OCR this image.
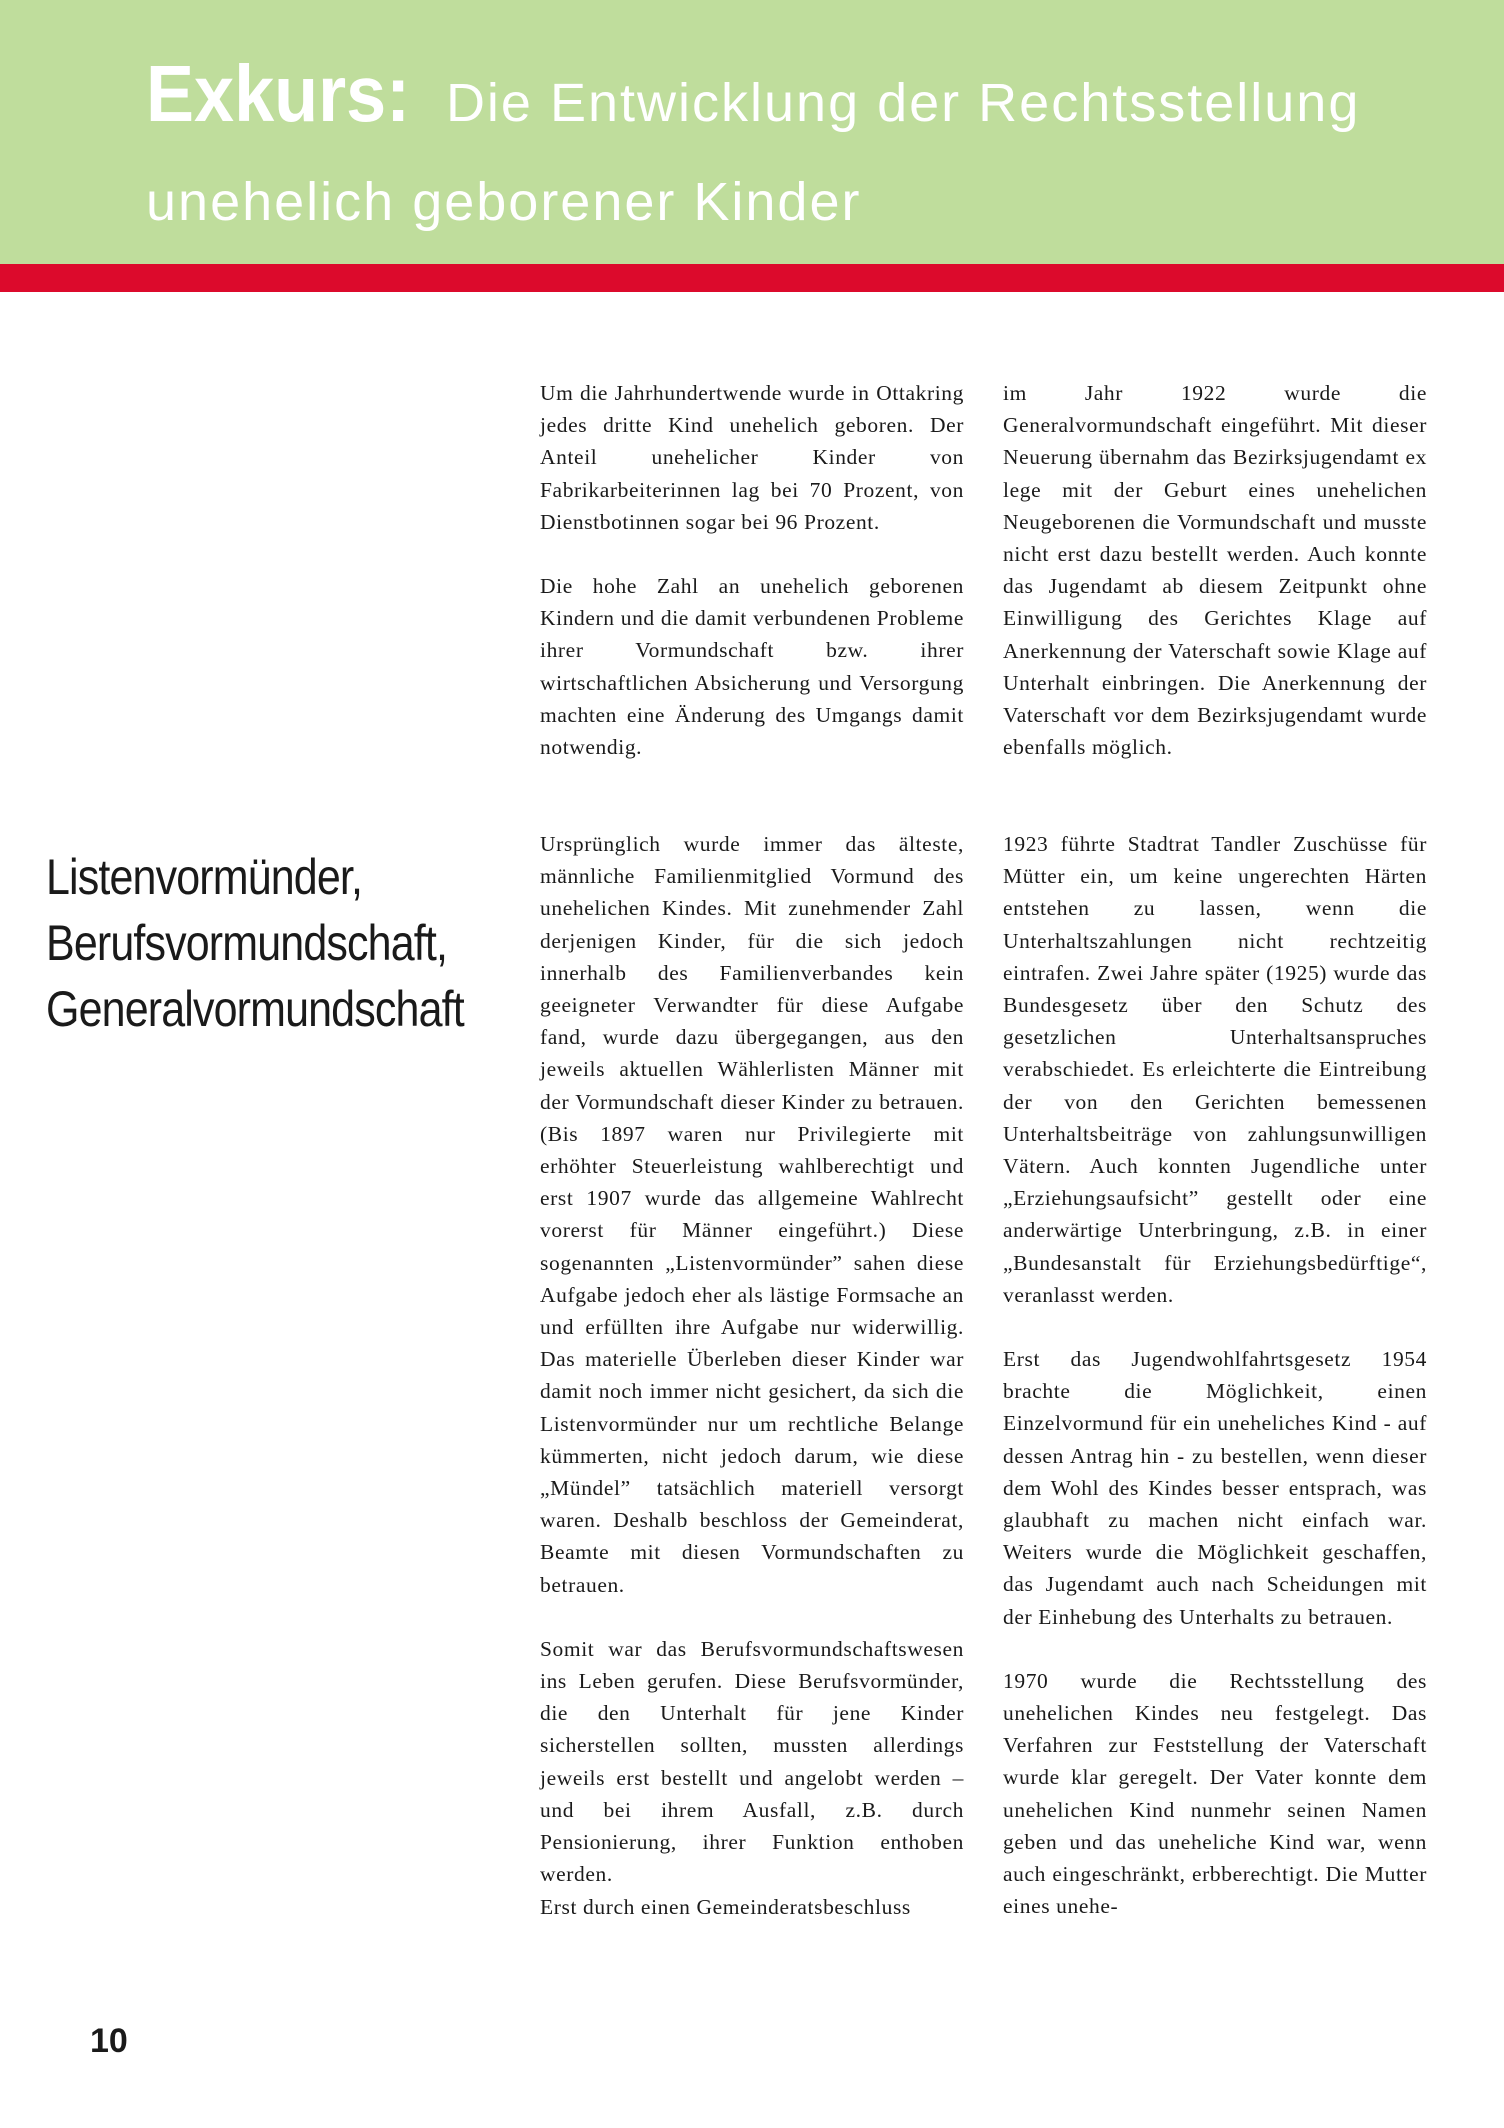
Exkurs: Die Entwicklung der Rechtsstellung
unehelich geborener Kinder
Listenvormünder,
Berufsvormundschaft,
Generalvormundschaft

Um die Jahrhundertwende wurde in Ottakring jedes dritte Kind unehelich geboren. Der Anteil unehelicher Kinder von Fabrikarbeiterinnen lag bei 70 Prozent, von Dienstbotinnen sogar bei 96 Prozent.

Die hohe Zahl an unehelich geborenen Kindern und die damit verbundenen Probleme ihrer Vormundschaft bzw. ihrer wirtschaftlichen Absicherung und Versorgung machten eine Änderung des Umgangs damit notwendig.

Ursprünglich wurde immer das älteste, männliche Familienmitglied Vormund des unehelichen Kindes. Mit zunehmender Zahl derjenigen Kinder, für die sich jedoch innerhalb des Familienverbandes kein geeigneter Verwandter für diese Aufgabe fand, wurde dazu übergegangen, aus den jeweils aktuellen Wählerlisten Männer mit der Vormundschaft dieser Kinder zu betrauen. (Bis 1897 waren nur Privilegierte mit erhöhter Steuerleistung wahlberechtigt und erst 1907 wurde das allgemeine Wahlrecht vorerst für Männer eingeführt.) Diese sogenannten „Listenvormünder” sahen diese Aufgabe jedoch eher als lästige Formsache an und erfüllten ihre Aufgabe nur widerwillig. Das materielle Überleben dieser Kinder war damit noch immer nicht gesichert, da sich die Listenvormünder nur um rechtliche Belange kümmerten, nicht jedoch darum, wie diese „Mündel” tatsächlich materiell versorgt waren. Deshalb beschloss der Gemeinderat, Beamte mit diesen Vormundschaften zu betrauen.

Somit war das Berufsvormundschaftswesen ins Leben gerufen. Diese Berufsvormünder, die den Unterhalt für jene Kinder sicherstellen sollten, mussten allerdings jeweils erst bestellt und angelobt werden – und bei ihrem Ausfall, z.B. durch Pensionierung, ihrer Funktion enthoben werden.

Erst durch einen Gemeinderatsbeschluss

im Jahr 1922 wurde die Generalvormundschaft eingeführt. Mit dieser Neuerung übernahm das Bezirksjugendamt ex lege mit der Geburt eines unehelichen Neugeborenen die Vormundschaft und musste nicht erst dazu bestellt werden. Auch konnte das Jugendamt ab diesem Zeitpunkt ohne Einwilligung des Gerichtes Klage auf Anerkennung der Vaterschaft sowie Klage auf Unterhalt einbringen. Die Anerkennung der Vaterschaft vor dem Bezirksjugendamt wurde ebenfalls möglich.

1923 führte Stadtrat Tandler Zuschüsse für Mütter ein, um keine ungerechten Härten entstehen zu lassen, wenn die Unterhaltszahlungen nicht rechtzeitig eintrafen. Zwei Jahre später (1925) wurde das Bundesgesetz über den Schutz des gesetzlichen Unterhaltsanspruches verabschiedet. Es erleichterte die Eintreibung der von den Gerichten bemessenen Unterhaltsbeiträge von zahlungsunwilligen Vätern. Auch konnten Jugendliche unter „Erziehungsaufsicht” gestellt oder eine anderwärtige Unterbringung, z.B. in einer „Bundesanstalt für Erziehungsbedürftige“, veranlasst werden.

Erst das Jugendwohlfahrtsgesetz 1954 brachte die Möglichkeit, einen Einzelvormund für ein uneheliches Kind - auf dessen Antrag hin - zu bestellen, wenn dieser dem Wohl des Kindes besser entsprach, was glaubhaft zu machen nicht einfach war. Weiters wurde die Möglichkeit geschaffen, das Jugendamt auch nach Scheidungen mit der Einhebung des Unterhalts zu betrauen.

1970 wurde die Rechtsstellung des unehelichen Kindes neu festgelegt. Das Verfahren zur Feststellung der Vaterschaft wurde klar geregelt. Der Vater konnte dem unehelichen Kind nunmehr seinen Namen geben und das uneheliche Kind war, wenn auch eingeschränkt, erbberechtigt. Die Mutter eines unehe-

10
